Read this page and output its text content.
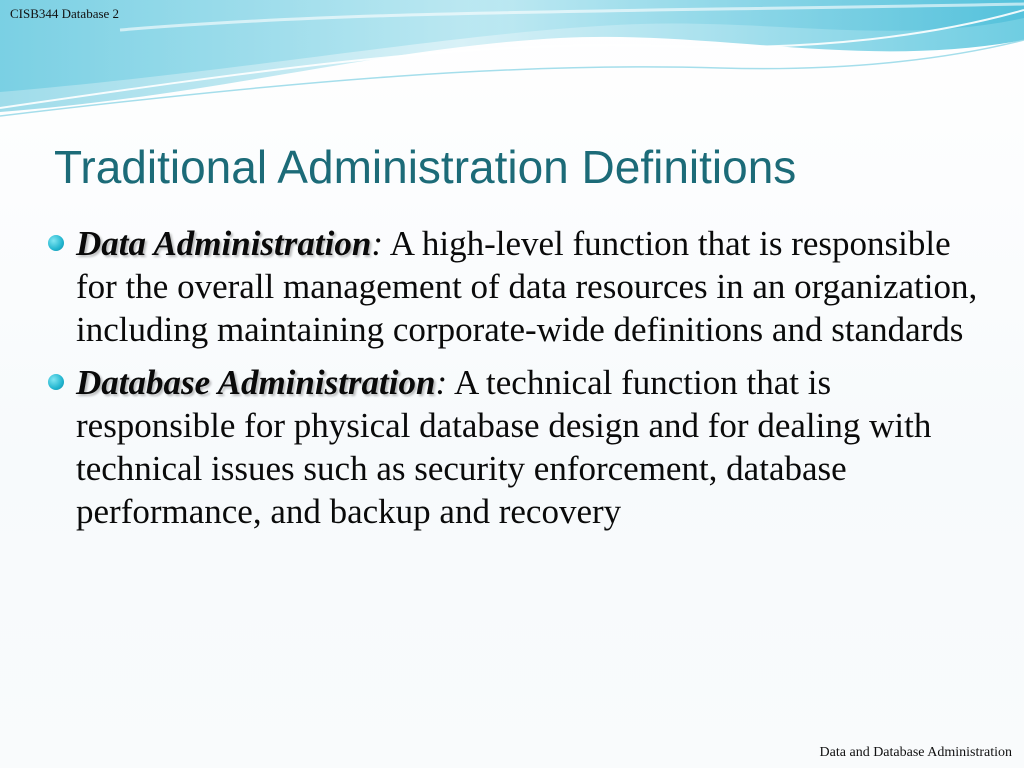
CISB344 Database 2
Traditional Administration Definitions
Data Administration: A high-level function that is responsible for the overall management of data resources in an organization, including maintaining corporate-wide definitions and standards
Database Administration: A technical function that is responsible for physical database design and for dealing with technical issues such as security enforcement, database performance, and backup and recovery
Data and Database Administration
